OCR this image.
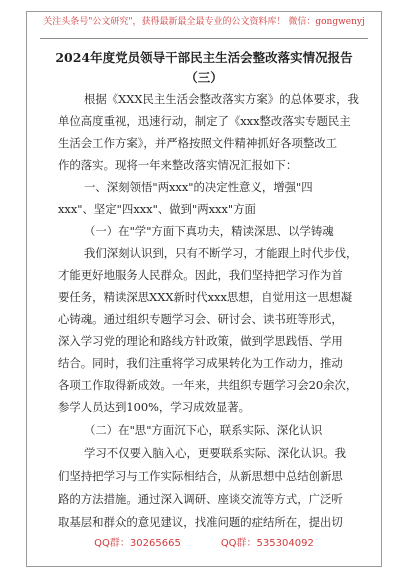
关注头条号"公文研究"，获得最新最全最专业的公文资料库！ 微信：gongwenyj
2024年度党员领导干部民主生活会整改落实情况报告
（三）
根据《XXX民主生活会整改落实方案》的总体要求，我
单位高度重视，迅速行动，制定了《xxx整改落实专题民主
生活会工作方案》，并严格按照文件精神抓好各项整改工
作的落实。现将一年来整改落实情况汇报如下：
一、深刻领悟"两xxx"的决定性意义，增强"四
xxx"、坚定"四xxx"、做到"两xxx"方面
（一）在"学"方面下真功夫，精读深思、以学铸魂
我们深刻认识到，只有不断学习，才能跟上时代步伐，
才能更好地服务人民群众。因此，我们坚持把学习作为首
要任务，精读深思XXX新时代xxx思想，自觉用这一思想凝
心铸魂。通过组织专题学习会、研讨会、读书班等形式，
深入学习党的理论和路线方针政策，做到学思践悟、学用
结合。同时，我们注重将学习成果转化为工作动力，推动
各项工作取得新成效。一年来，共组织专题学习会20余次，
参学人员达到100%，学习成效显著。
（二）在"思"方面沉下心，联系实际、深化认识
学习不仅要入脑入心，更要联系实际、深化认识。我
们坚持把学习与工作实际相结合，从新思想中总结创新思
路的方法措施。通过深入调研、座谈交流等方式，广泛听
取基层和群众的意见建议，找准问题的症结所在，提出切
QQ群：30265665	QQ群：535304092
